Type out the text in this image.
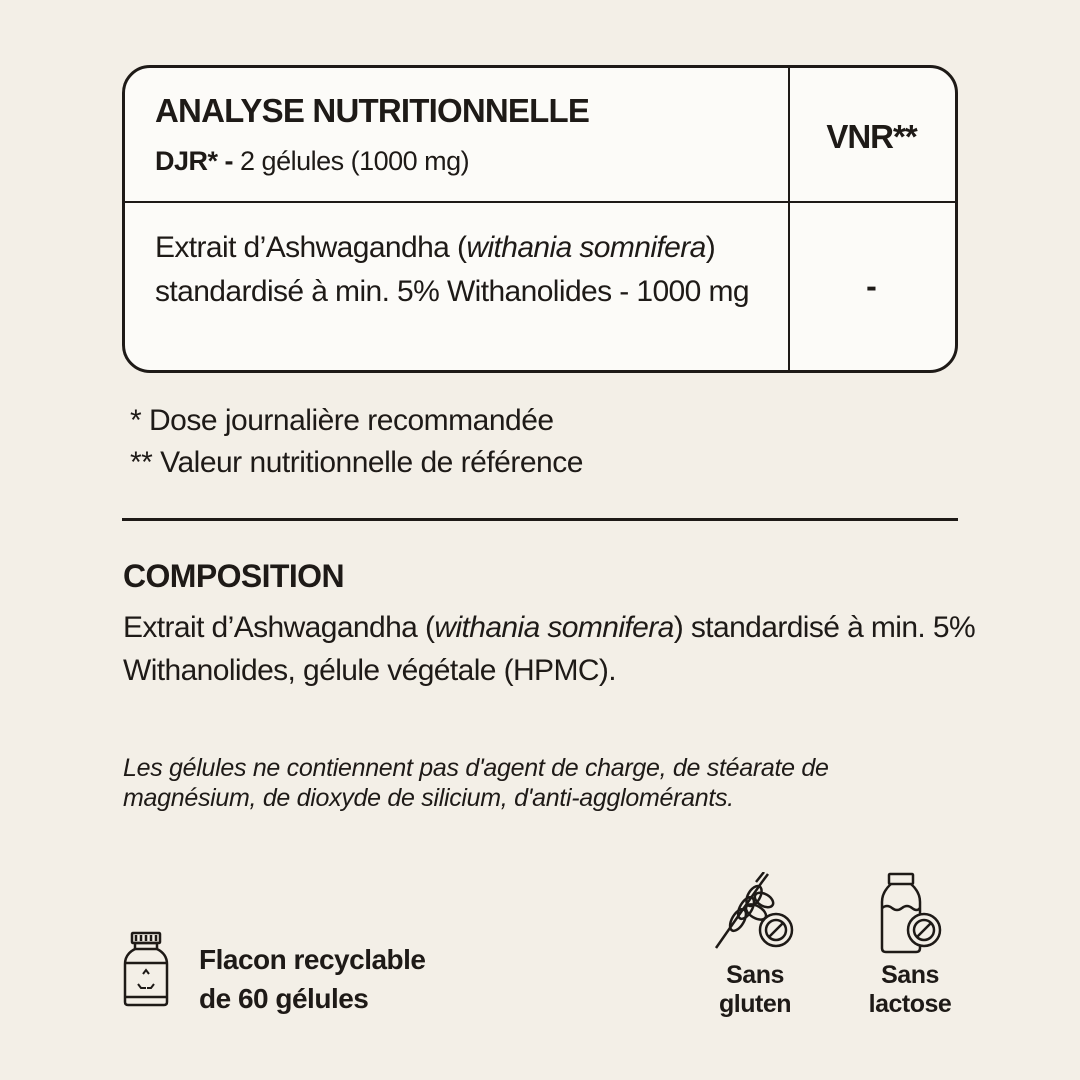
ANALYSE NUTRITIONNELLE
DJR* - 2 gélules (1000 mg)
VNR**
Extrait d’Ashwagandha (withania somnifera) standardisé à min. 5% Withanolides - 1000 mg	-
* Dose journalière recommandée
** Valeur nutritionnelle de référence
COMPOSITION
Extrait d’Ashwagandha (withania somnifera) standardisé à min. 5% Withanolides, gélule végétale (HPMC).
Les gélules ne contiennent pas d'agent de charge, de stéarate de magnésium, de dioxyde de silicium, d'anti-agglomérants.
Flacon recyclable
de 60 gélules
Sans
gluten
Sans
lactose
